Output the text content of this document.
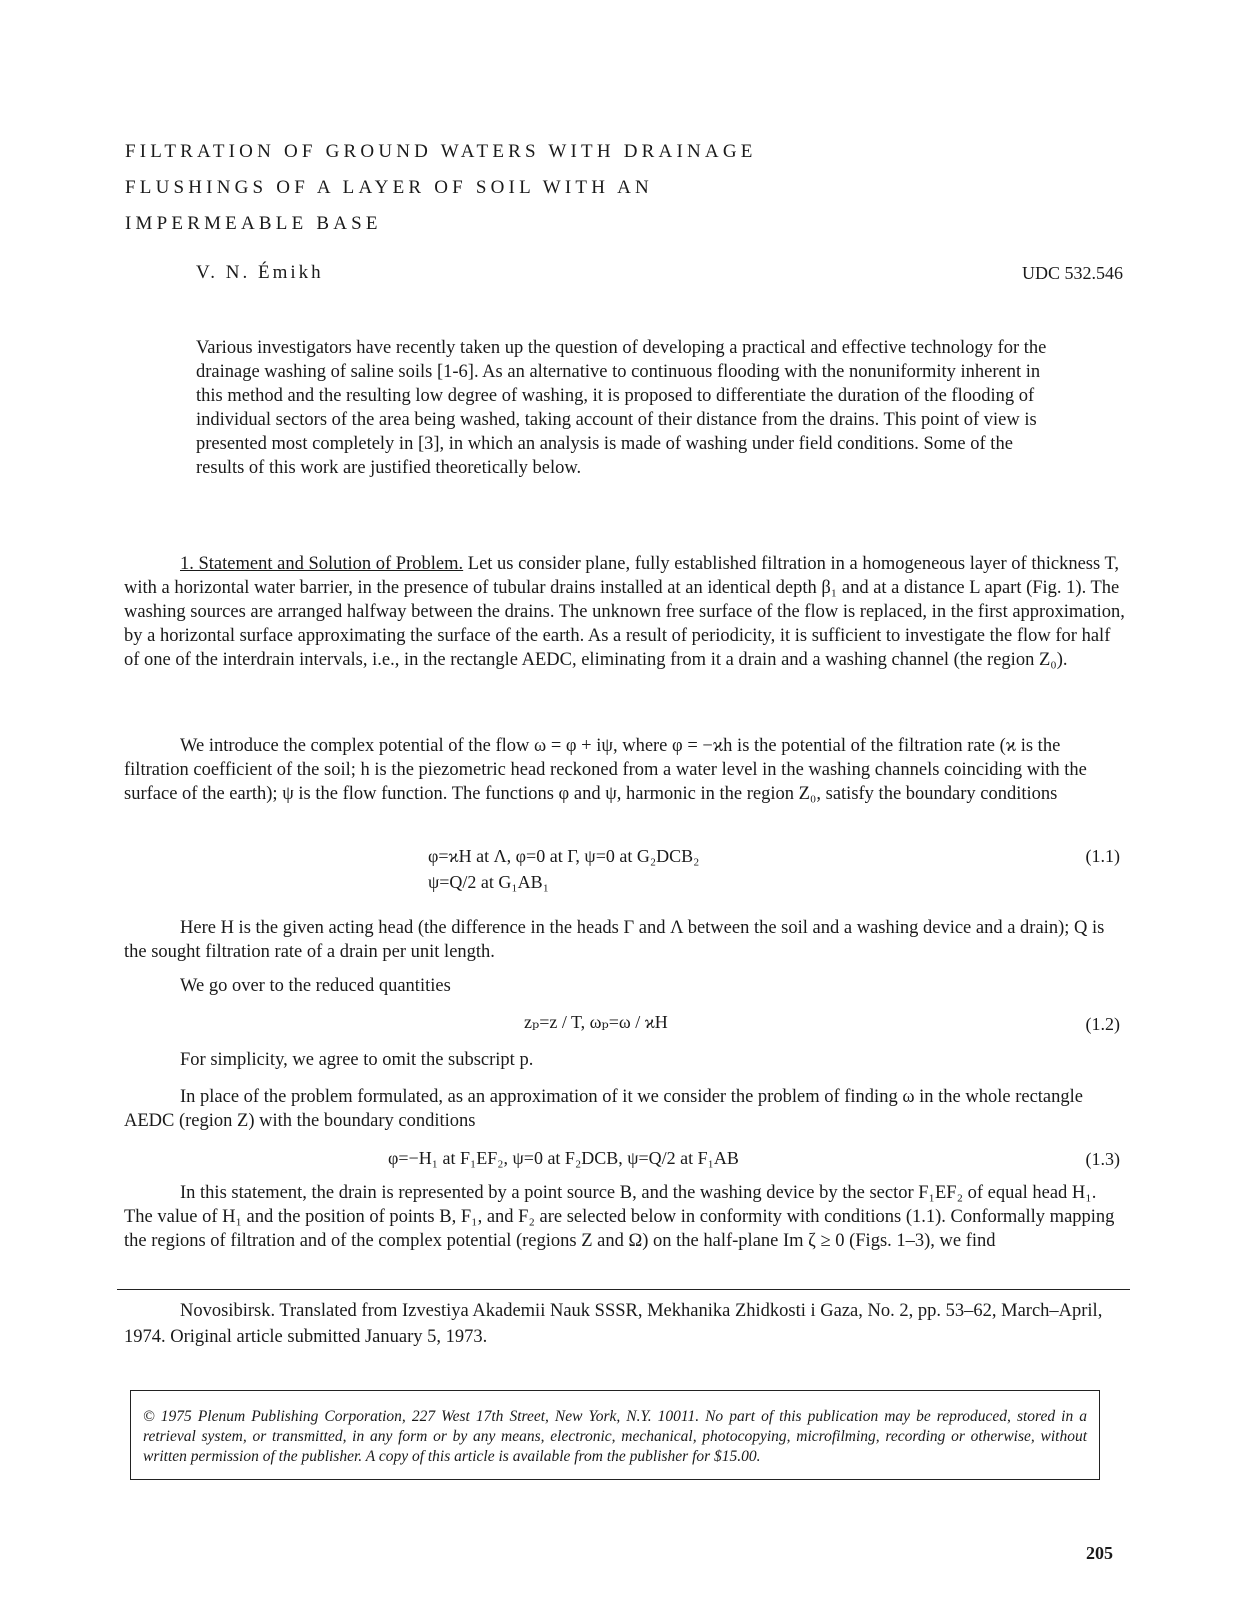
FILTRATION OF GROUND WATERS WITH DRAINAGE
FLUSHINGS OF A LAYER OF SOIL WITH AN
IMPERMEABLE BASE
V. N. Émikh	UDC 532.546
Various investigators have recently taken up the question of developing a practical and effective technology for the drainage washing of saline soils [1-6]. As an alternative to continuous flooding with the nonuniformity inherent in this method and the resulting low degree of washing, it is proposed to differentiate the duration of the flooding of individual sectors of the area being washed, taking account of their distance from the drains. This point of view is presented most completely in [3], in which an analysis is made of washing under field conditions. Some of the results of this work are justified theoretically below.
1. Statement and Solution of Problem. Let us consider plane, fully established filtration in a homogeneous layer of thickness T, with a horizontal water barrier, in the presence of tubular drains installed at an identical depth β₁ and at a distance L apart (Fig. 1). The washing sources are arranged halfway between the drains. The unknown free surface of the flow is replaced, in the first approximation, by a horizontal surface approximating the surface of the earth. As a result of periodicity, it is sufficient to investigate the flow for half of one of the interdrain intervals, i.e., in the rectangle AEDC, eliminating from it a drain and a washing channel (the region Z₀).
We introduce the complex potential of the flow ω = φ + iψ, where φ = −ϰh is the potential of the filtration rate (ϰ is the filtration coefficient of the soil; h is the piezometric head reckoned from a water level in the washing channels coinciding with the surface of the earth); ψ is the flow function. The functions φ and ψ, harmonic in the region Z₀, satisfy the boundary conditions
φ=ϰH at Λ, φ=0 at Γ, ψ=0 at G₂DCB₂
ψ=Q/2 at G₁AB₁
(1.1)
Here H is the given acting head (the difference in the heads Γ and Λ between the soil and a washing device and a drain); Q is the sought filtration rate of a drain per unit length.
We go over to the reduced quantities
zₚ=z / T, ωₚ=ω / ϰH	(1.2)
For simplicity, we agree to omit the subscript p.
In place of the problem formulated, as an approximation of it we consider the problem of finding ω in the whole rectangle AEDC (region Z) with the boundary conditions
φ=−H₁ at F₁EF₂, ψ=0 at F₂DCB, ψ=Q/2 at F₁AB	(1.3)
In this statement, the drain is represented by a point source B, and the washing device by the sector F₁EF₂ of equal head H₁. The value of H₁ and the position of points B, F₁, and F₂ are selected below in conformity with conditions (1.1). Conformally mapping the regions of filtration and of the complex potential (regions Z and Ω) on the half-plane Im ζ ≥ 0 (Figs. 1–3), we find
Novosibirsk. Translated from Izvestiya Akademii Nauk SSSR, Mekhanika Zhidkosti i Gaza, No. 2, pp. 53–62, March–April, 1974. Original article submitted January 5, 1973.
© 1975 Plenum Publishing Corporation, 227 West 17th Street, New York, N.Y. 10011. No part of this publication may be reproduced, stored in a retrieval system, or transmitted, in any form or by any means, electronic, mechanical, photocopying, microfilming, recording or otherwise, without written permission of the publisher. A copy of this article is available from the publisher for $15.00.
205
